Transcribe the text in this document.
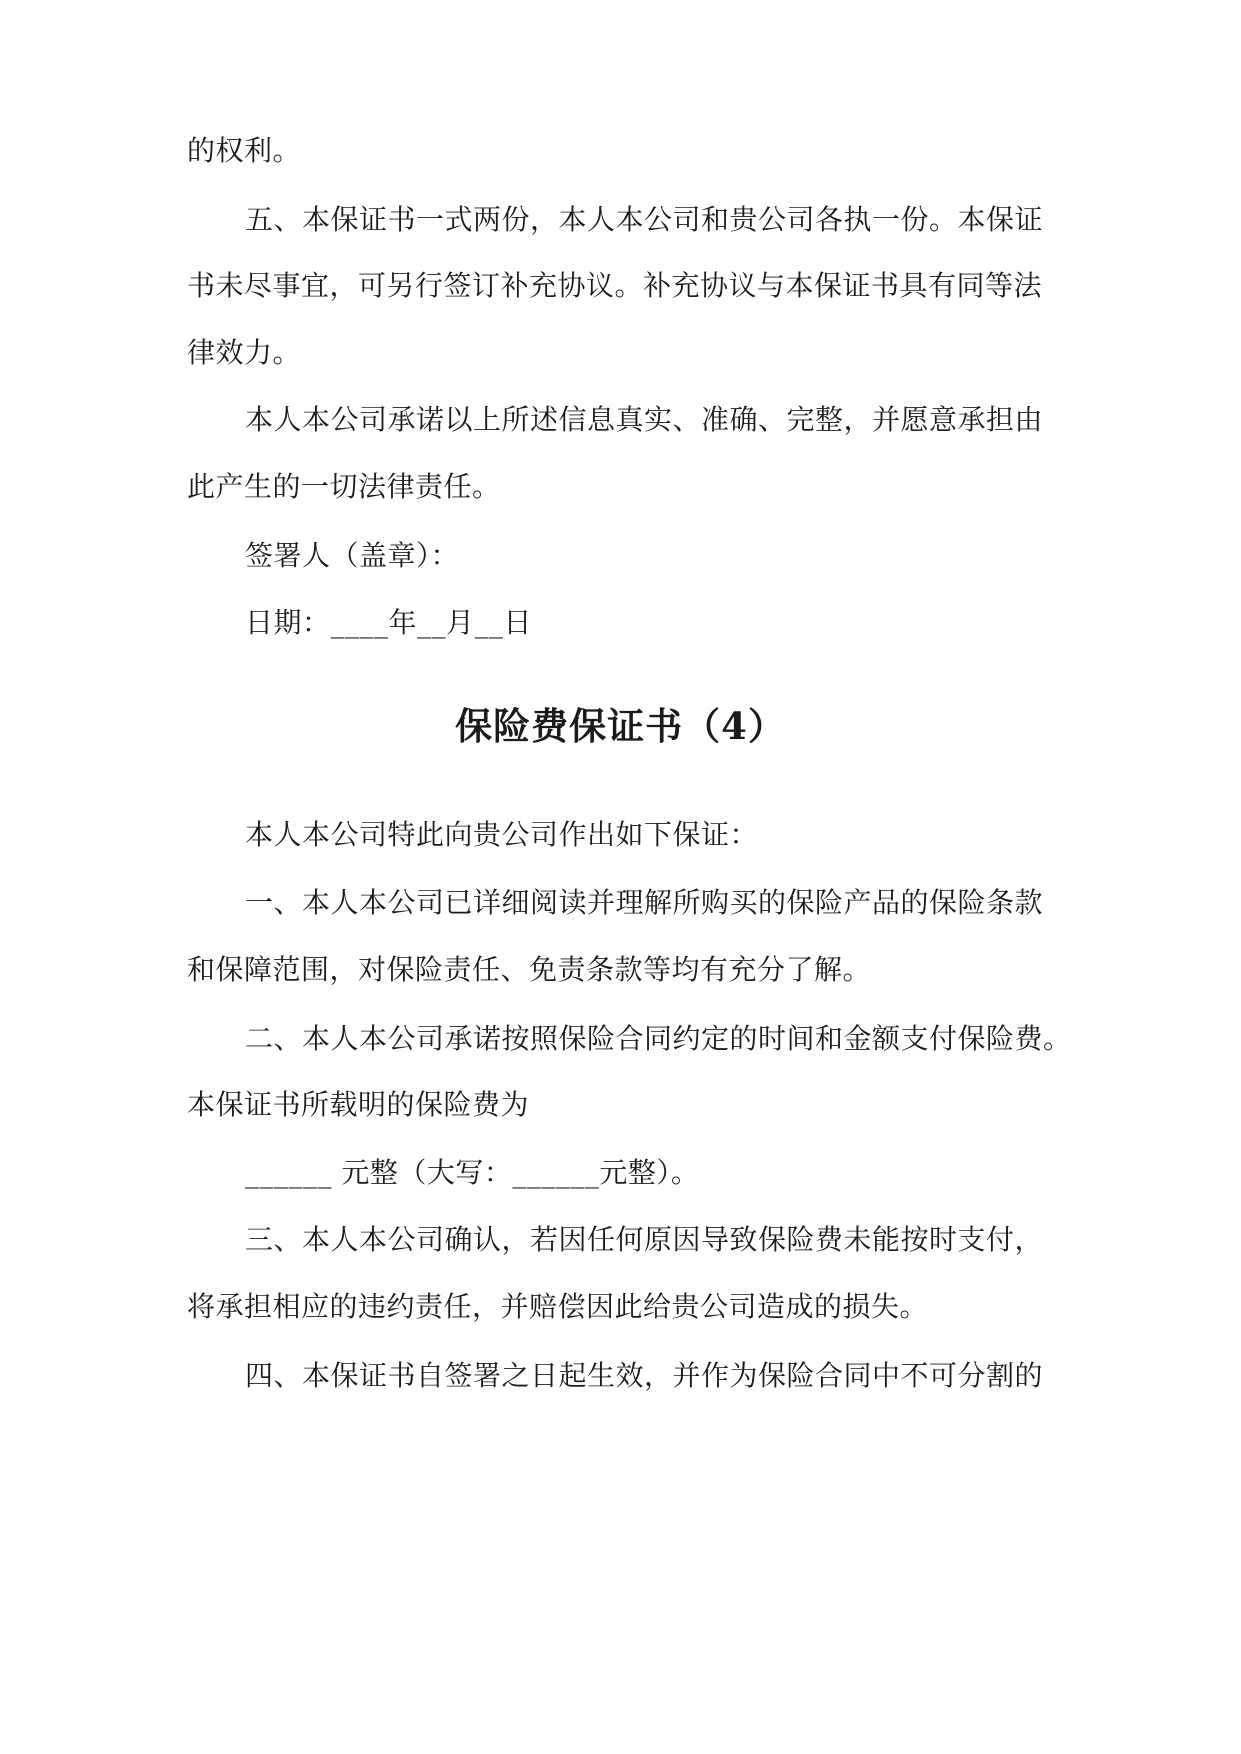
的权利。
五、本保证书一式两份，本人本公司和贵公司各执一份。本保证
书未尽事宜，可另行签订补充协议。补充协议与本保证书具有同等法
律效力。
本人本公司承诺以上所述信息真实、准确、完整，并愿意承担由
此产生的一切法律责任。
签署人（盖章）：
日期：____年__月__日
保险费保证书（4）
本人本公司特此向贵公司作出如下保证：
一、本人本公司已详细阅读并理解所购买的保险产品的保险条款
和保障范围，对保险责任、免责条款等均有充分了解。
二、本人本公司承诺按照保险合同约定的时间和金额支付保险费。
本保证书所载明的保险费为
______ 元整（大写：______元整）。
三、本人本公司确认，若因任何原因导致保险费未能按时支付，
将承担相应的违约责任，并赔偿因此给贵公司造成的损失。
四、本保证书自签署之日起生效，并作为保险合同中不可分割的
